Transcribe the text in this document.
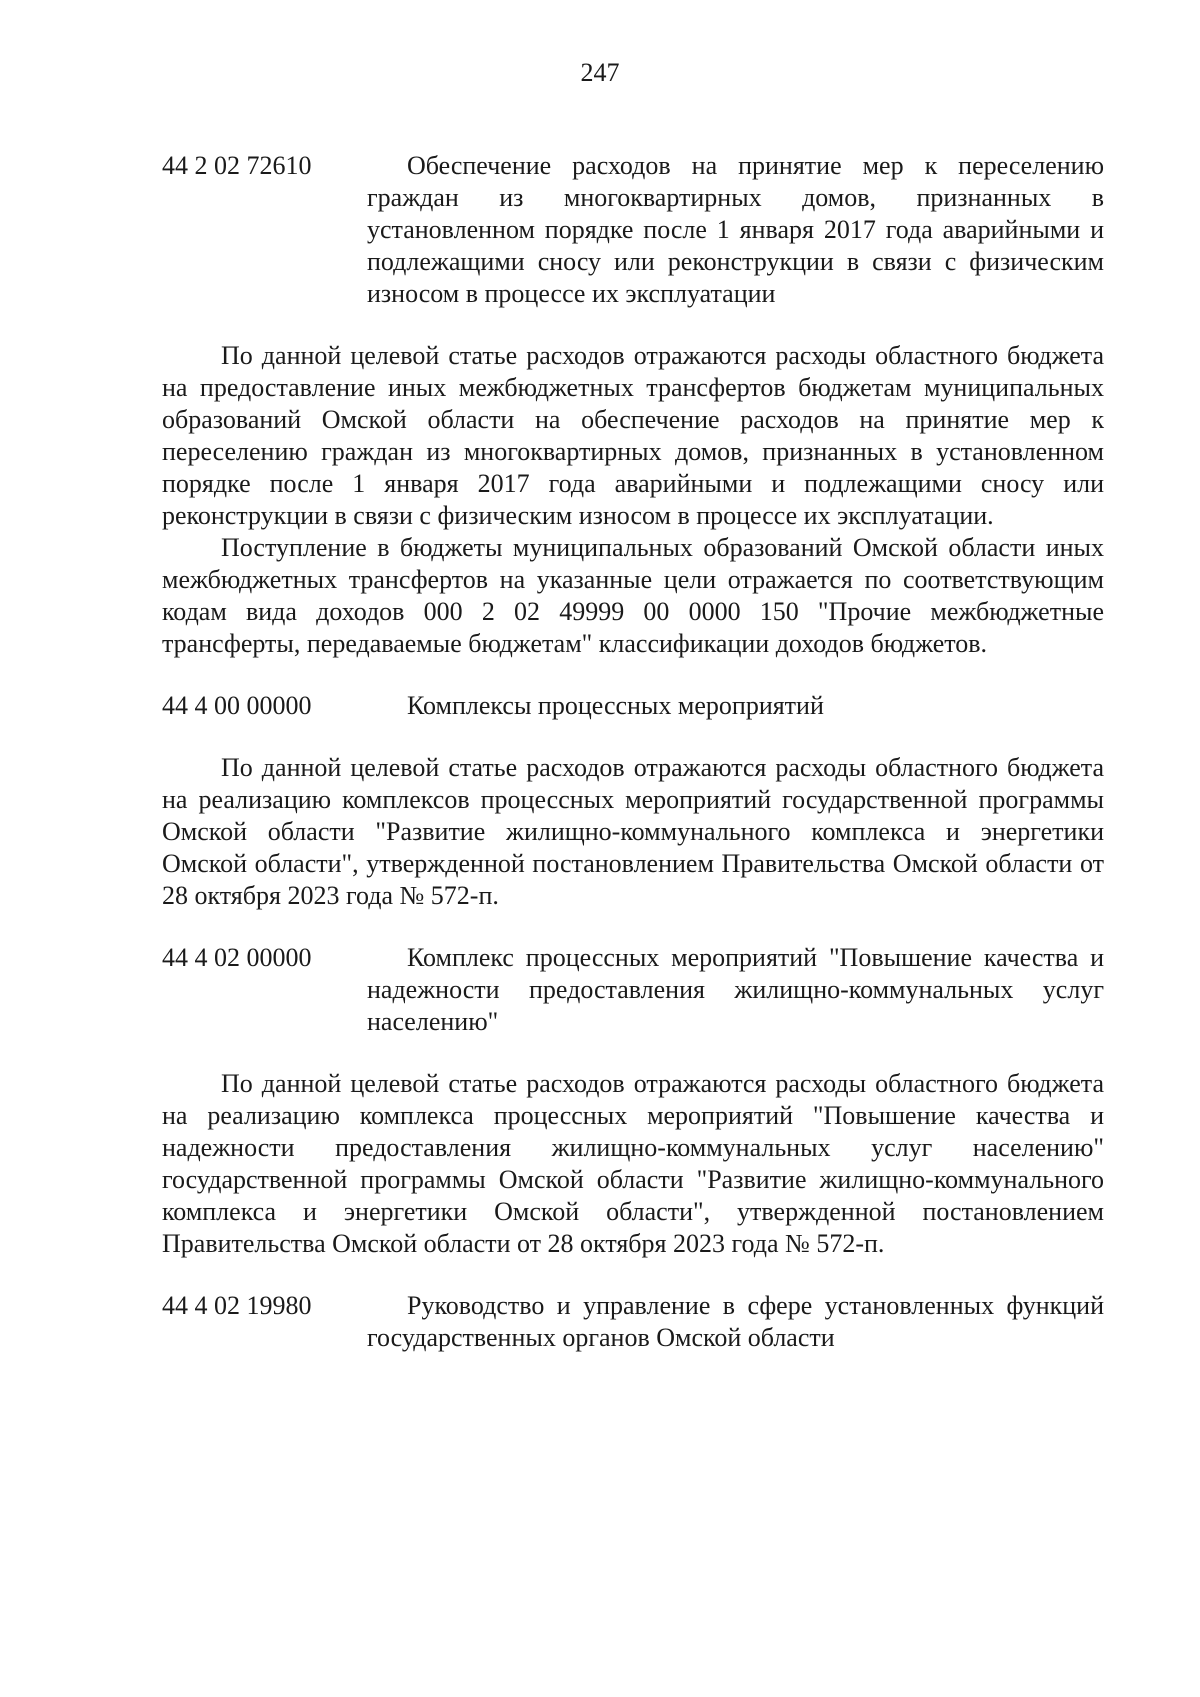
247
44 2 02 72610	Обеспечение расходов на принятие мер к переселению граждан из многоквартирных домов, признанных в установленном порядке после 1 января 2017 года аварийными и подлежащими сносу или реконструкции в связи с физическим износом в процессе их эксплуатации

По данной целевой статье расходов отражаются расходы областного бюджета на предоставление иных межбюджетных трансфертов бюджетам муниципальных образований Омской области на обеспечение расходов на принятие мер к переселению граждан из многоквартирных домов, признанных в установленном порядке после 1 января 2017 года аварийными и подлежащими сносу или реконструкции в связи с физическим износом в процессе их эксплуатации.

Поступление в бюджеты муниципальных образований Омской области иных межбюджетных трансфертов на указанные цели отражается по соответствующим кодам вида доходов 000 2 02 49999 00 0000 150 "Прочие межбюджетные трансферты, передаваемые бюджетам" классификации доходов бюджетов.

44 4 00 00000	Комплексы процессных мероприятий

По данной целевой статье расходов отражаются расходы областного бюджета на реализацию комплексов процессных мероприятий государственной программы Омской области "Развитие жилищно-коммунального комплекса и энергетики Омской области", утвержденной постановлением Правительства Омской области от 28 октября 2023 года № 572-п.

44 4 02 00000	Комплекс процессных мероприятий "Повышение качества и надежности предоставления жилищно-коммунальных услуг населению"

По данной целевой статье расходов отражаются расходы областного бюджета на реализацию комплекса процессных мероприятий "Повышение качества и надежности предоставления жилищно-коммунальных услуг населению" государственной программы Омской области "Развитие жилищно-коммунального комплекса и энергетики Омской области", утвержденной постановлением Правительства Омской области от 28 октября 2023 года № 572-п.

44 4 02 19980	Руководство и управление в сфере установленных функций государственных органов Омской области
